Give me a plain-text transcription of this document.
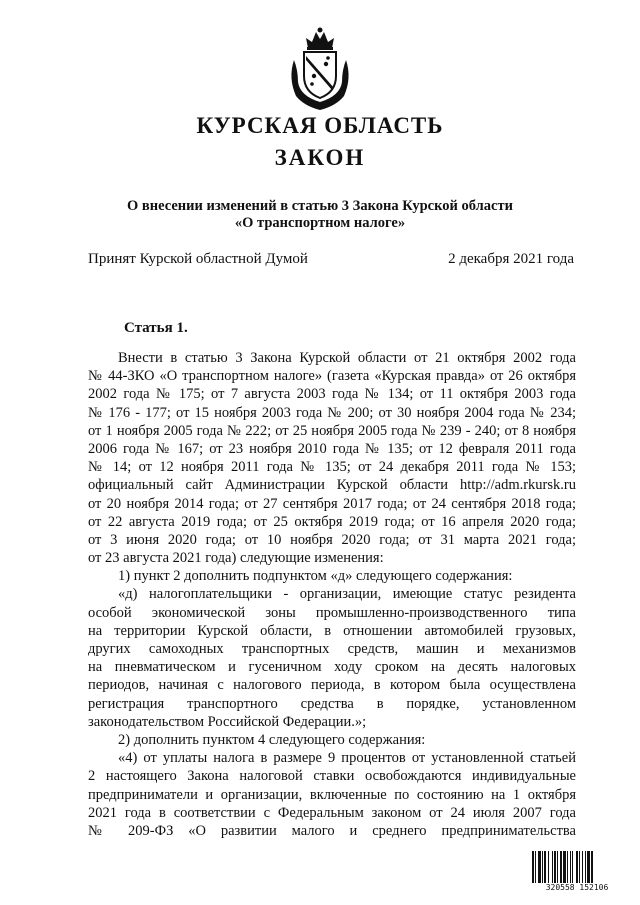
КУРСКАЯ ОБЛАСТЬ
ЗАКОН
О внесении изменений в статью 3 Закона Курской области
«О транспортном налоге»
Принят Курской областной Думой	2 декабря 2021 года
Статья 1.
Внести в статью 3 Закона Курской области от 21 октября 2002 года
№ 44-ЗКО «О транспортном налоге» (газета «Курская правда» от 26 октября
2002 года № 175; от 7 августа 2003 года № 134; от 11 октября 2003 года
№ 176 - 177; от 15 ноября 2003 года № 200; от 30 ноября 2004 года № 234;
от 1 ноября 2005 года № 222; от 25 ноября 2005 года № 239 - 240; от 8 ноября
2006 года № 167; от 23 ноября 2010 года № 135; от 12 февраля 2011 года
№ 14; от 12 ноября 2011 года № 135; от 24 декабря 2011 года № 153;
официальный сайт Администрации Курской области http://adm.rkursk.ru
от 20 ноября 2014 года; от 27 сентября 2017 года; от 24 сентября 2018 года;
от 22 августа 2019 года; от 25 октября 2019 года; от 16 апреля 2020 года;
от 3 июня 2020 года; от 10 ноября 2020 года; от 31 марта 2021 года;
от 23 августа 2021 года) следующие изменения:
1) пункт 2 дополнить подпунктом «д» следующего содержания:
«д) налогоплательщики - организации, имеющие статус резидента
особой экономической зоны промышленно-производственного типа
на территории Курской области, в отношении автомобилей грузовых,
других самоходных транспортных средств, машин и механизмов
на пневматическом и гусеничном ходу сроком на десять налоговых
периодов, начиная с налогового периода, в котором была осуществлена
регистрация транспортного средства в порядке, установленном
законодательством Российской Федерации.»;
2) дополнить пунктом 4 следующего содержания:
«4) от уплаты налога в размере 9 процентов от установленной статьей
2 настоящего Закона налоговой ставки освобождаются индивидуальные
предприниматели и организации, включенные по состоянию на 1 октября
2021 года в соответствии с Федеральным законом от 24 июля 2007 года
№ 209-ФЗ «О развитии малого и среднего предпринимательства
320558 152106
